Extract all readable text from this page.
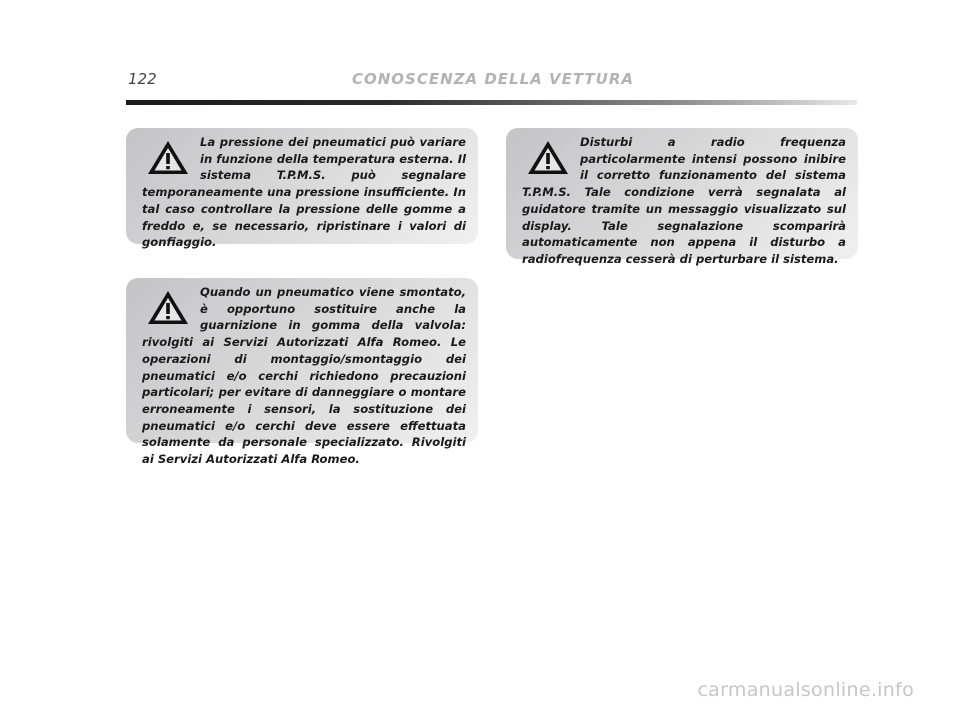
122	CONOSCENZA DELLA VETTURA

La pressione dei pneumatici può variare in funzione della temperatura esterna. Il sistema T.P.M.S. può segnalare temporaneamente una pressione insufficiente. In tal caso controllare la pressione delle gomme a freddo e, se necessario, ripristinare i valori di gonfiaggio.

Quando un pneumatico viene smontato, è opportuno sostituire anche la guarnizione in gomma della valvola: rivolgiti ai Servizi Autorizzati Alfa Romeo. Le operazioni di montaggio/smontaggio dei pneumatici e/o cerchi richiedono precauzioni particolari; per evitare di danneggiare o montare erroneamente i sensori, la sostituzione dei pneumatici e/o cerchi deve essere effettuata solamente da personale specializzato. Rivolgiti ai Servizi Autorizzati Alfa Romeo.

Disturbi a radio frequenza particolarmente intensi possono inibire il corretto funzionamento del sistema T.P.M.S. Tale condizione verrà segnalata al guidatore tramite un messaggio visualizzato sul display. Tale segnalazione scomparirà automaticamente non appena il disturbo a radiofrequenza cesserà di perturbare il sistema.

carmanualsonline.info
